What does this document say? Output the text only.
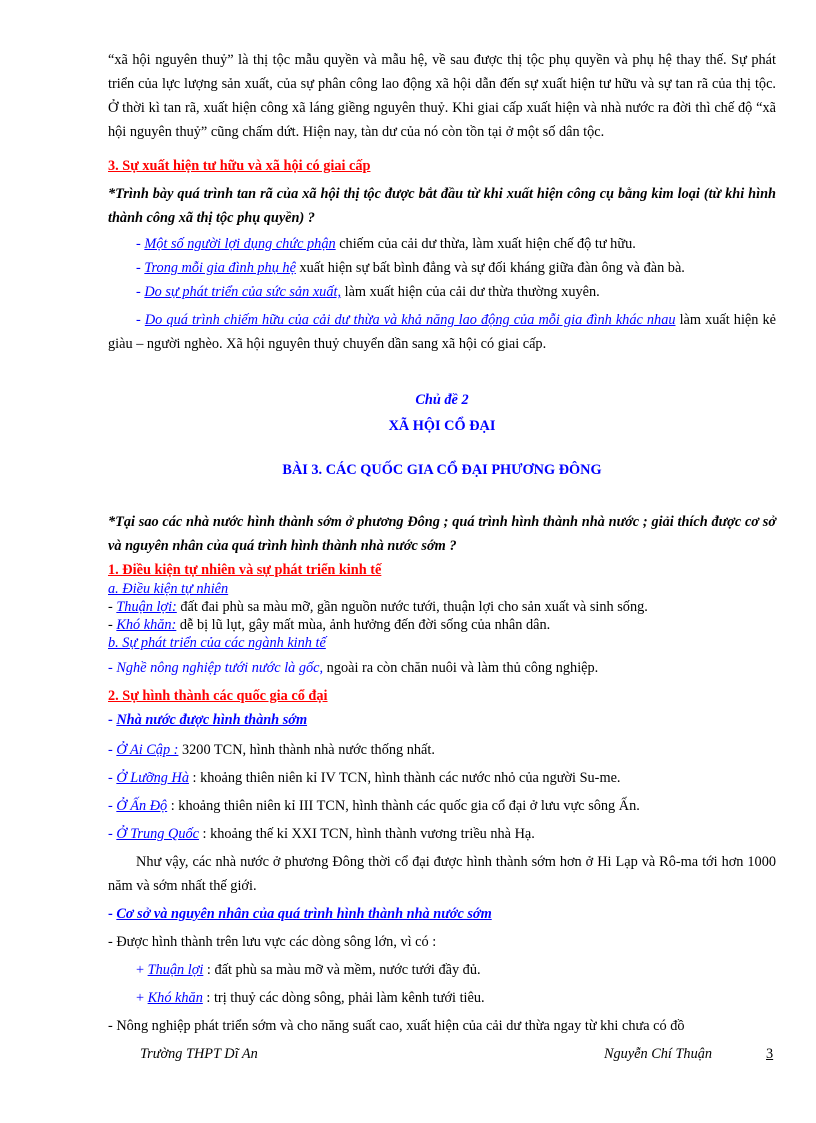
“xã hội nguyên thuỷ” là thị tộc mẫu quyền và mẫu hệ, về sau được thị tộc phụ quyền và phụ hệ thay thế. Sự phát triển của lực lượng sản xuất, của sự phân công lao động xã hội dẫn đến sự xuất hiện tư hữu và sự tan rã của thị tộc. Ở thời kì tan rã, xuất hiện công xã láng giềng nguyên thuỷ. Khi giai cấp xuất hiện và nhà nước ra đời thì chế độ “xã hội nguyên thuỷ” cũng chấm dứt. Hiện nay, tàn dư của nó còn tồn tại ở một số dân tộc.

3. Sự xuất hiện tư hữu và xã hội có giai cấp

*Trình bày quá trình tan rã của xã hội thị tộc được bắt đầu từ khi xuất hiện công cụ bằng kim loại (từ khi hình thành công xã thị tộc phụ quyền) ?

- Một số người lợi dụng chức phận chiếm của cải dư thừa, làm xuất hiện chế độ tư hữu.

- Trong mỗi gia đình phụ hệ xuất hiện sự bất bình đẳng và sự đối kháng giữa đàn ông và đàn bà.

- Do sự phát triển của sức sản xuất, làm xuất hiện của cải dư thừa thường xuyên.

- Do quá trình chiếm hữu của cải dư thừa và khả năng lao động của mỗi gia đình khác nhau làm xuất hiện kẻ giàu – người nghèo. Xã hội nguyên thuỷ chuyển dần sang xã hội có giai cấp.

Chủ đề 2

XÃ HỘI CỔ ĐẠI

BÀI 3. CÁC QUỐC GIA CỔ ĐẠI PHƯƠNG ĐÔNG

*Tại sao các nhà nước hình thành sớm ở phương Đông ; quá trình hình thành nhà nước ; giải thích được cơ sở và nguyên nhân của quá trình hình thành nhà nước sớm ?

1. Điều kiện tự nhiên và sự phát triển kinh tế

a. Điều kiện tự nhiên

- Thuận lợi: đất đai phù sa màu mỡ, gần nguồn nước tưới, thuận lợi cho sản xuất và sinh sống.

- Khó khăn: dễ bị lũ lụt, gây mất mùa, ảnh hưởng đến đời sống của nhân dân.

b. Sự phát triển của các ngành kinh tế

- Nghề nông nghiệp tưới nước là gốc, ngoài ra còn chăn nuôi và làm thủ công nghiệp.

2. Sự hình thành các quốc gia cổ đại

- Nhà nước được hình thành sớm

- Ở Ai Cập : 3200 TCN, hình thành nhà nước thống nhất.

- Ở Lưỡng Hà : khoảng thiên niên kỉ IV TCN, hình thành các nước nhỏ của người Su-me.

- Ở Ấn Độ : khoảng thiên niên kỉ III TCN, hình thành các quốc gia cổ đại ở lưu vực sông Ấn.

- Ở Trung Quốc : khoảng thế kỉ XXI TCN, hình thành vương triều nhà Hạ.

Như vậy, các nhà nước ở phương Đông thời cổ đại được hình thành sớm hơn ở Hi Lạp và Rô-ma tới hơn 1000 năm và sớm nhất thế giới.

- Cơ sở và nguyên nhân của quá trình hình thành nhà nước sớm

- Được hình thành trên lưu vực các dòng sông lớn, vì có :

+ Thuận lợi : đất phù sa màu mỡ và mềm, nước tưới đầy đủ.

+ Khó khăn : trị thuỷ các dòng sông, phải làm kênh tưới tiêu.

- Nông nghiệp phát triển sớm và cho năng suất cao, xuất hiện của cải dư thừa ngay từ khi chưa có đồ

Trường THPT Dĩ An	Nguyễn Chí Thuận	3
